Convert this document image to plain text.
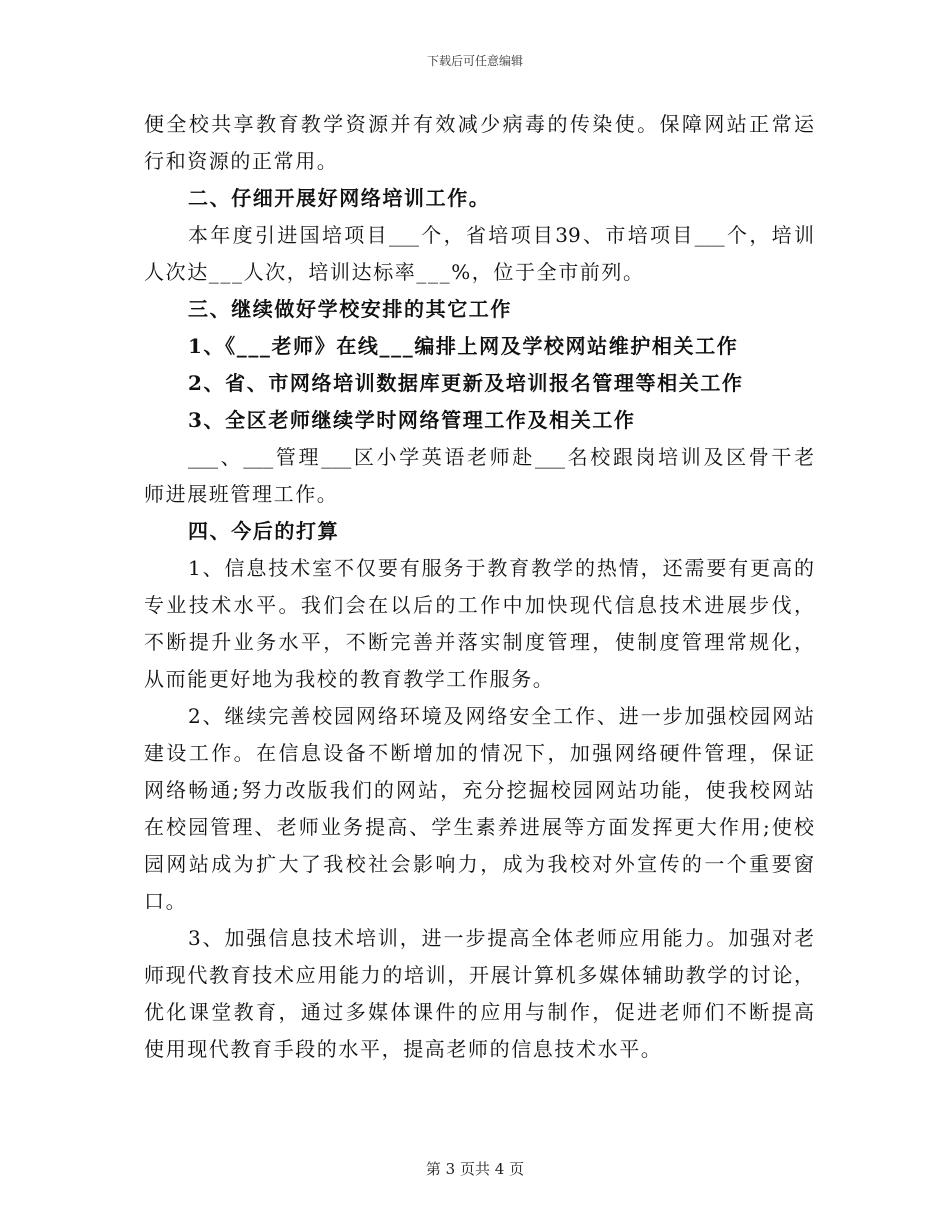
下载后可任意编辑
便全校共享教育教学资源并有效减少病毒的传染使。保障网站正常运
行和资源的正常用。
二、仔细开展好网络培训工作。
本年度引进国培项目___个，省培项目39、市培项目___个，培训
人次达___人次，培训达标率___%，位于全市前列。
三、继续做好学校安排的其它工作
1、《___老师》在线___编排上网及学校网站维护相关工作
2、省、市网络培训数据库更新及培训报名管理等相关工作
3、全区老师继续学时网络管理工作及相关工作
___、___管理___区小学英语老师赴___名校跟岗培训及区骨干老
师进展班管理工作。
四、今后的打算
1、信息技术室不仅要有服务于教育教学的热情，还需要有更高的
专业技术水平。我们会在以后的工作中加快现代信息技术进展步伐，
不断提升业务水平，不断完善并落实制度管理，使制度管理常规化，
从而能更好地为我校的教育教学工作服务。
2、继续完善校园网络环境及网络安全工作、进一步加强校园网站
建设工作。在信息设备不断增加的情况下，加强网络硬件管理，保证
网络畅通;努力改版我们的网站，充分挖掘校园网站功能，使我校网站
在校园管理、老师业务提高、学生素养进展等方面发挥更大作用;使校
园网站成为扩大了我校社会影响力，成为我校对外宣传的一个重要窗
口。
3、加强信息技术培训，进一步提高全体老师应用能力。加强对老
师现代教育技术应用能力的培训，开展计算机多媒体辅助教学的讨论，
优化课堂教育，通过多媒体课件的应用与制作，促进老师们不断提高
使用现代教育手段的水平，提高老师的信息技术水平。
第 3 页共 4 页
